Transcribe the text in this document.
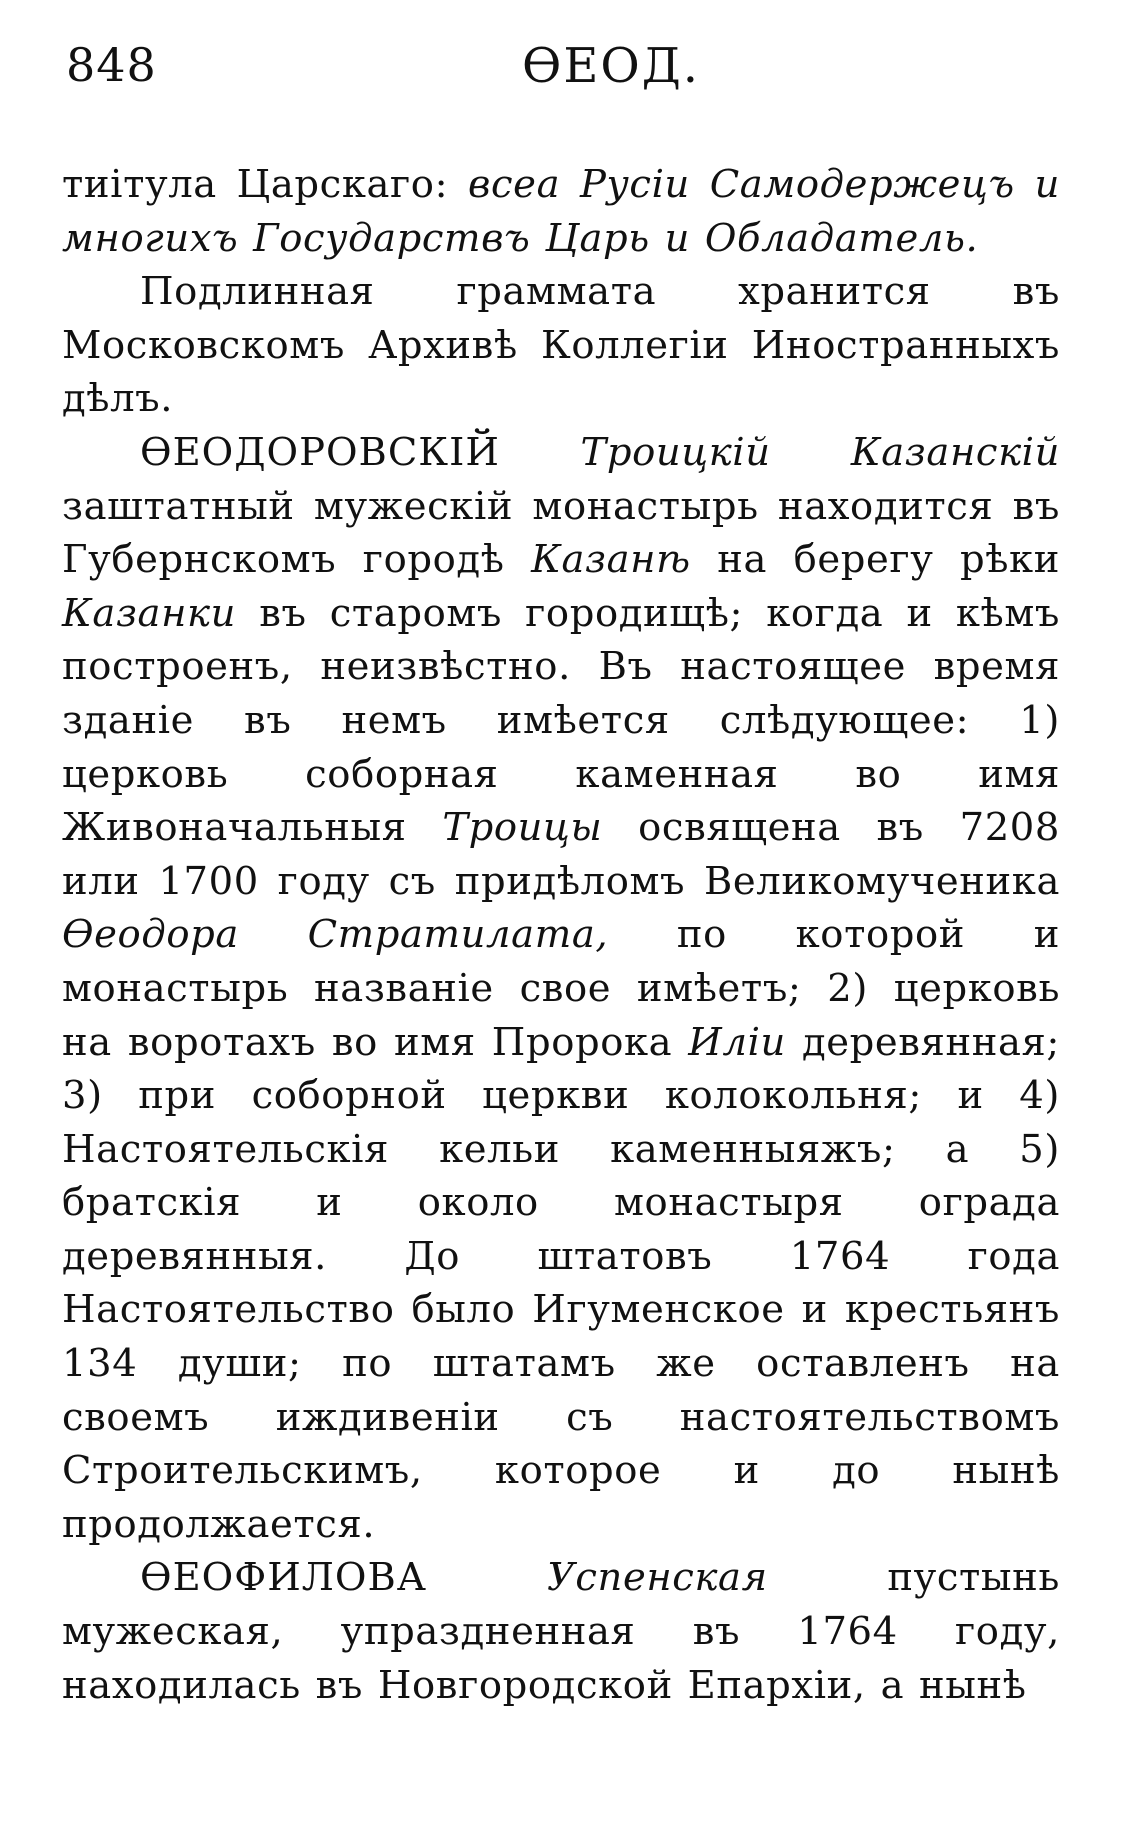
848	ѲЕОД.

тиітула Царскаго: всеа Русіи Самодержецъ и многихъ Государствъ Царь и Обладатель.

Подлинная граммата хранится въ Московскомъ Архивѣ Коллегіи Иностранныхъ дѣлъ.

ѲЕОДОРОВСКІЙ Троицкій Казанскій заштатный мужескій монастырь находится въ Губернскомъ городѣ Казанѣ на берегу рѣки Казанки въ старомъ городищѣ; когда и кѣмъ построенъ, неизвѣстно. Въ настоящее время зданіе въ немъ имѣется слѣдующее: 1) церковь соборная каменная во имя Живоначальныя Троицы освящена въ 7208 или 1700 году съ придѣломъ Великомученика Ѳеодора Стратилата, по которой и монастырь названіе свое имѣетъ; 2) церковь на воротахъ во имя Пророка Иліи деревянная; 3) при соборной церкви колокольня; и 4) Настоятельскія кельи каменныяжъ; а 5) братскія и около монастыря ограда деревянныя. До штатовъ 1764 года Настоятельство было Игуменское и крестьянъ 134 души; по штатамъ же оставленъ на своемъ иждивеніи съ настоятельствомъ Строительскимъ, которое и до нынѣ продолжается.

ѲЕОФИЛОВА Успенская пустынь мужеская, упраздненная въ 1764 году, находилась въ Новгородской Епархіи, а нынѣ
